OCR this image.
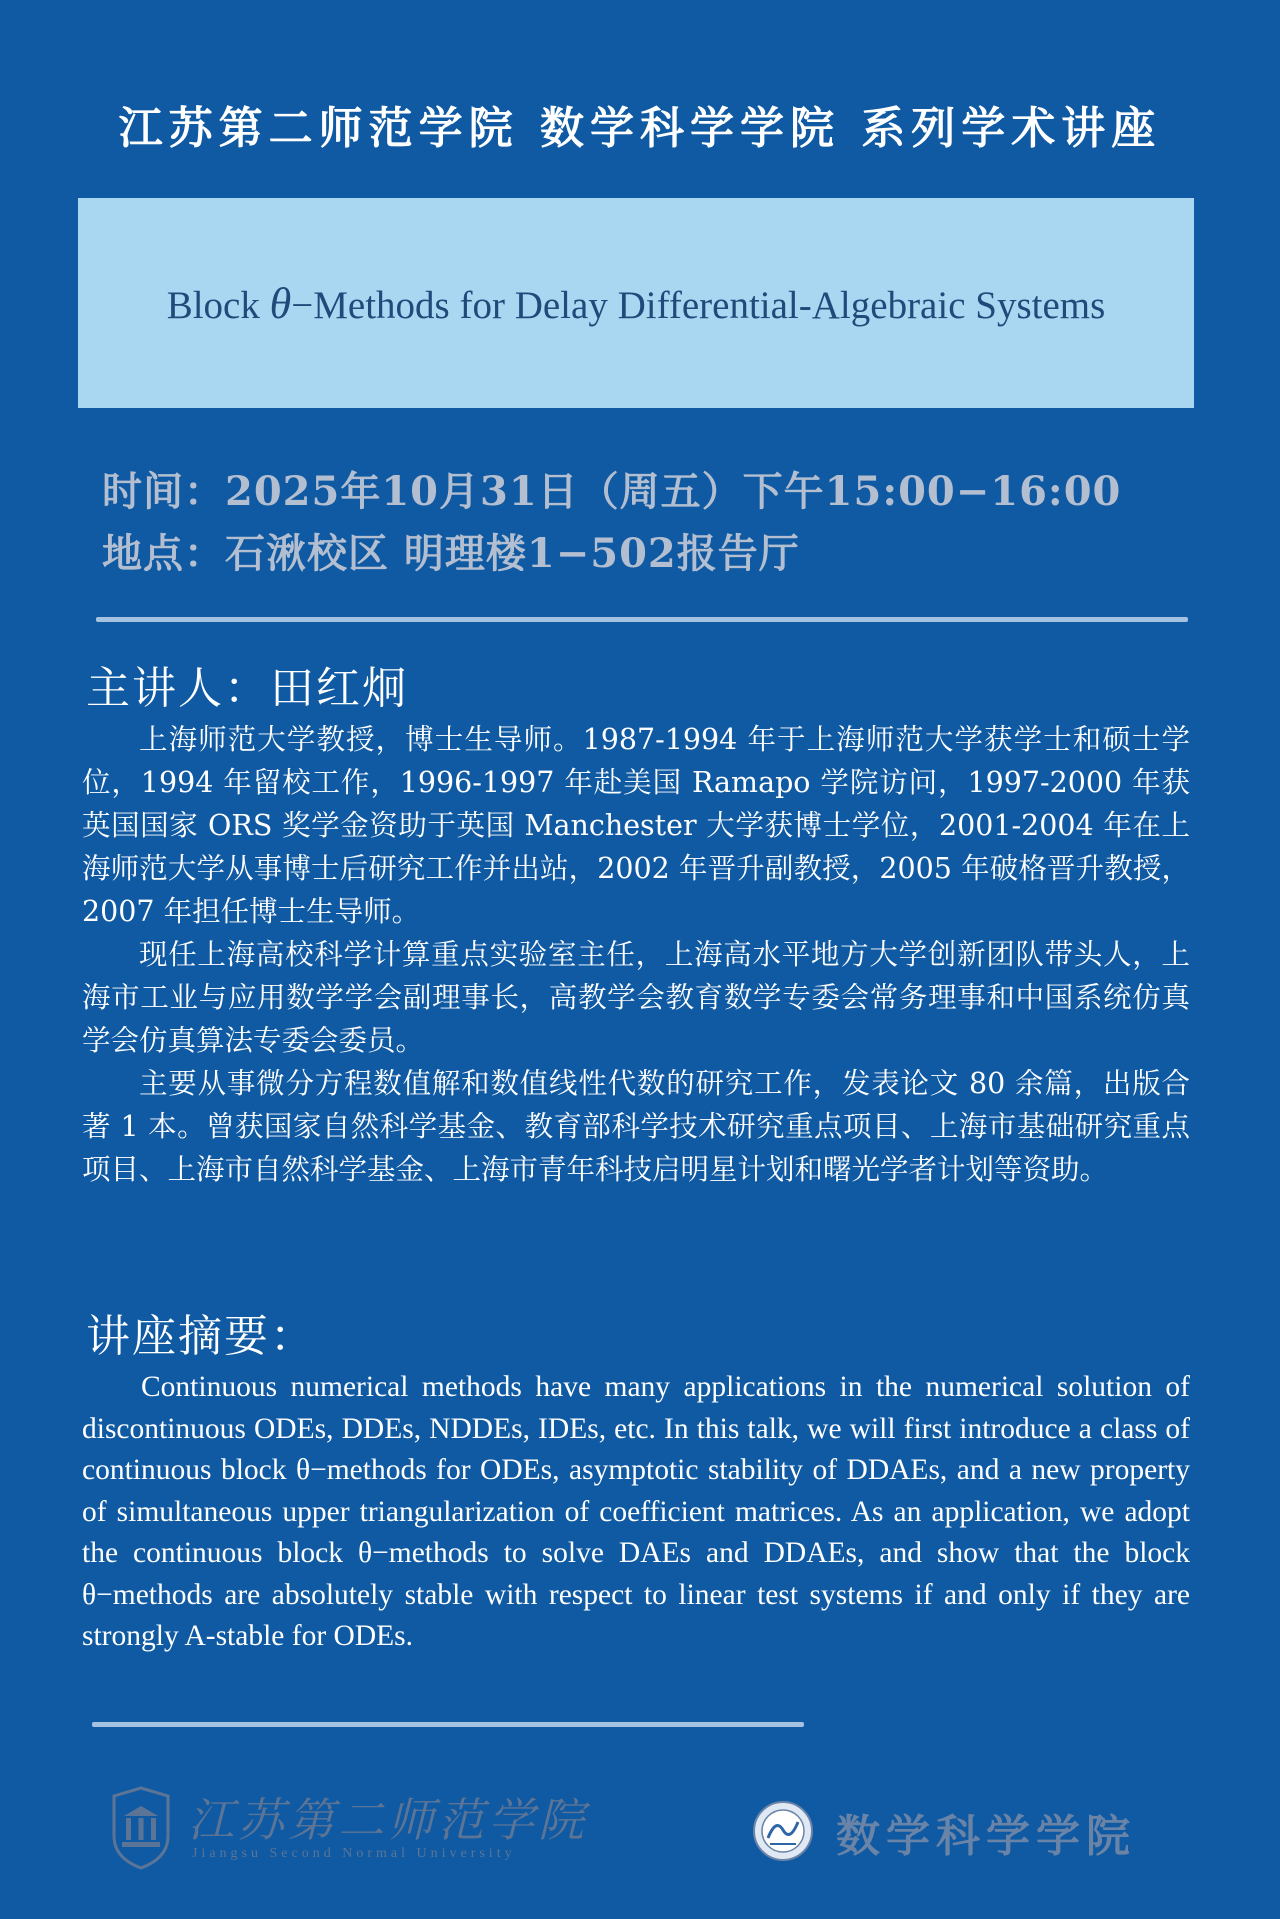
江苏第二师范学院 数学科学学院 系列学术讲座
Block θ−Methods for Delay Differential-Algebraic Systems
时间：2025年10月31日（周五）下午15:00−16:00
地点：石湫校区 明理楼1−502报告厅
主讲人：田红炯

上海师范大学教授，博士生导师。1987-1994 年于上海师范大学获学士和硕士学位，1994 年留校工作，1996-1997 年赴美国 Ramapo 学院访问，1997-2000 年获英国国家 ORS 奖学金资助于英国 Manchester 大学获博士学位，2001-2004 年在上海师范大学从事博士后研究工作并出站，2002 年晋升副教授，2005 年破格晋升教授，2007 年担任博士生导师。

现任上海高校科学计算重点实验室主任，上海高水平地方大学创新团队带头人，上海市工业与应用数学学会副理事长，高教学会教育数学专委会常务理事和中国系统仿真学会仿真算法专委会委员。

主要从事微分方程数值解和数值线性代数的研究工作，发表论文 80 余篇，出版合著 1 本。曾获国家自然科学基金、教育部科学技术研究重点项目、上海市基础研究重点项目、上海市自然科学基金、上海市青年科技启明星计划和曙光学者计划等资助。

讲座摘要：

Continuous numerical methods have many applications in the numerical solution of discontinuous ODEs, DDEs, NDDEs, IDEs, etc. In this talk, we will first introduce a class of continuous block θ−methods for ODEs, asymptotic stability of DDAEs, and a new property of simultaneous upper triangularization of coefficient matrices. As an application, we adopt the continuous block θ−methods to solve DAEs and DDAEs, and show that the block θ−methods are absolutely stable with respect to linear test systems if and only if they are strongly A-stable for ODEs.

江苏第二师范学院
Jiangsu Second Normal University	数学科学学院
